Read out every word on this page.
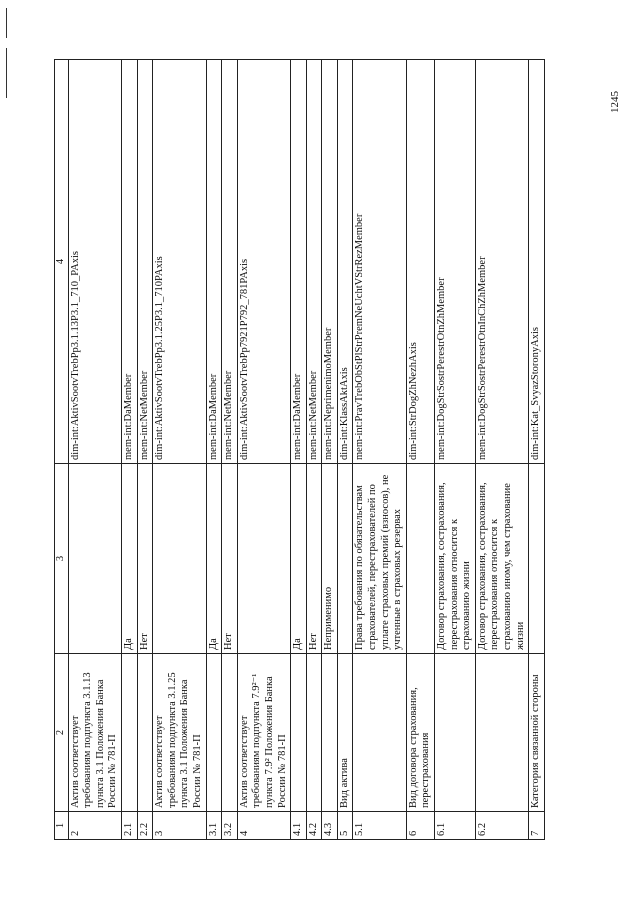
1245
1	2	3	4
2	Актив соответствует требованиям подпункта 3.1.13 пункта 3.1 Положения Банка России № 781-П		dim-int:AktivSootvTrebPp3.1.13P3.1_710_PAxis
2.1		Да	mem-int:DaMember
2.2		Нет	mem-int:NetMember
3	Актив соответствует требованиям подпункта 3.1.25 пункта 3.1 Положения Банка России № 781-П		dim-int:AktivSootvTrebPp3.1.25P3.1_710PAxis
3.1		Да	mem-int:DaMember
3.2		Нет	mem-int:NetMember
4	Актив соответствует требованиям подпункта 7.9²⁻¹ пункта 7.9² Положения Банка России № 781-П		dim-int:AktivSootvTrebPp7921P792_781PAxis
4.1		Да	mem-int:DaMember
4.2		Нет	mem-int:NetMember
4.3		Неприменимо	mem-int:NeprimenimoMember
5	Вид актива		dim-int:KlassAktAxis
5.1		Права требования по обязательствам страхователей, перестрахователей по уплате страховых премий (взносов), не учтенные в страховых резервах	mem-int:PravTrebObStPlStrPremNeUchtVStrRezMember
6	Вид договора страхования, перестрахования		dim-int:StrDogZhNezhAxis
6.1		Договор страхования, сострахования, перестрахования относится к страхованию жизни	mem-int:DogStrSostrPerestrOtnZhMember
6.2		Договор страхования, сострахования, перестрахования относится к страхованию иному, чем страхование жизни	mem-int:DogStrSostrPerestrOtnInChZhMember
7	Категория связанной стороны		dim-int:Kat_SvyazStoronyAxis
